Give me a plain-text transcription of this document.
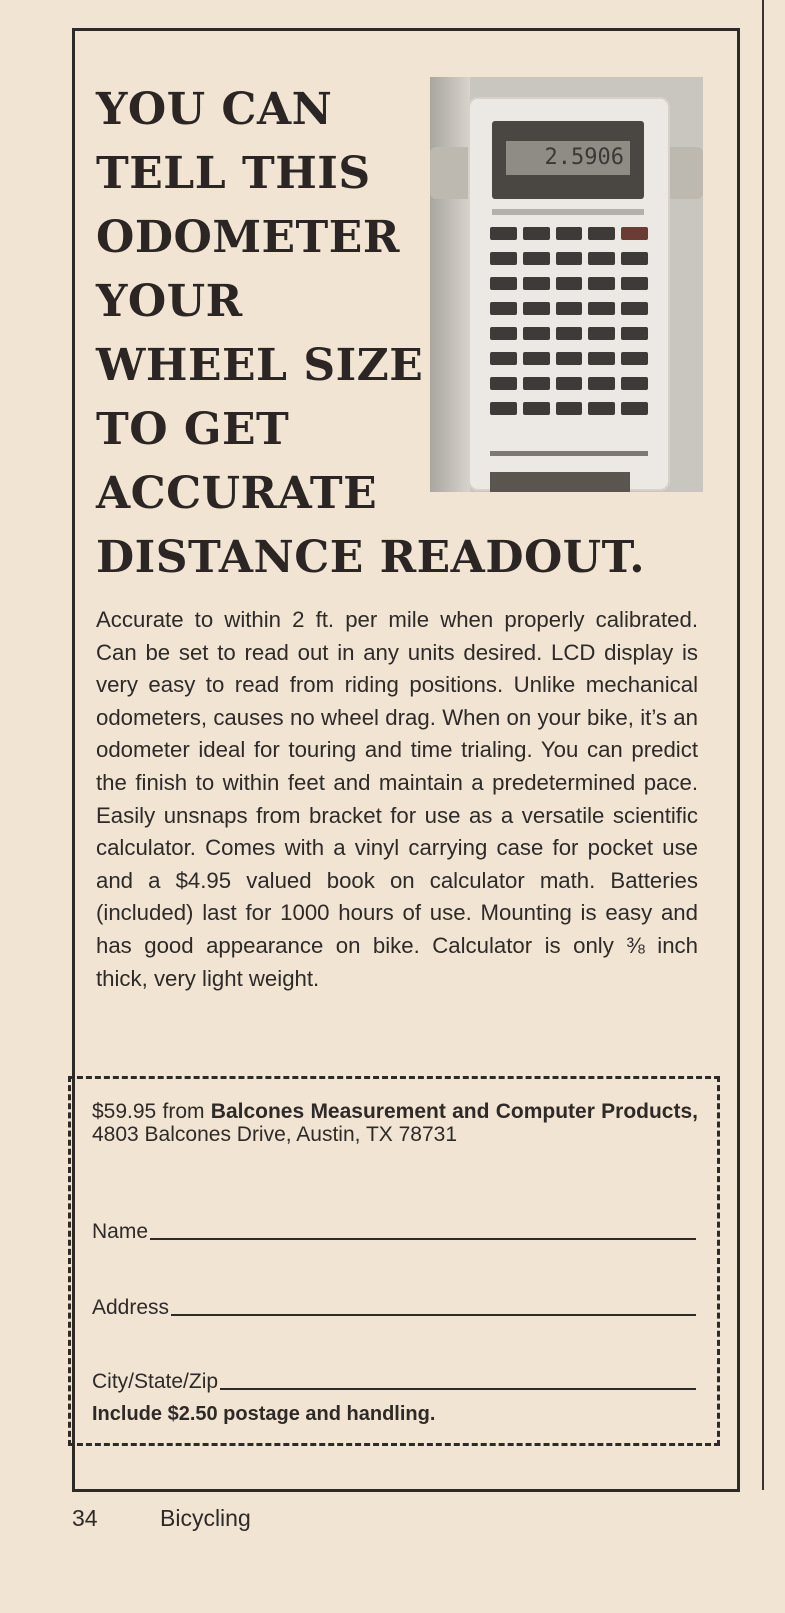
YOU CAN
TELL THIS
ODOMETER
YOUR
WHEEL SIZE
TO GET
ACCURATE
DISTANCE READOUT.
2.5906

Accurate to within 2 ft. per mile when properly calibrated. Can be set to read out in any units desired. LCD display is very easy to read from riding positions. Unlike mechanical odometers, causes no wheel drag. When on your bike, it’s an odometer ideal for touring and time trialing. You can predict the finish to within feet and maintain a predetermined pace. Easily unsnaps from bracket for use as a versatile scientific calculator. Comes with a vinyl carrying case for pocket use and a $4.95 valued book on calculator math. Batteries (included) last for 1000 hours of use. Mounting is easy and has good appearance on bike. Calculator is only ⅜ inch thick, very light weight.

$59.95 from Balcones Measurement and Computer Products, 4803 Balcones Drive, Austin, TX 78731

Name
Address
City/State/Zip
Include $2.50 postage and handling.
34	Bicycling
